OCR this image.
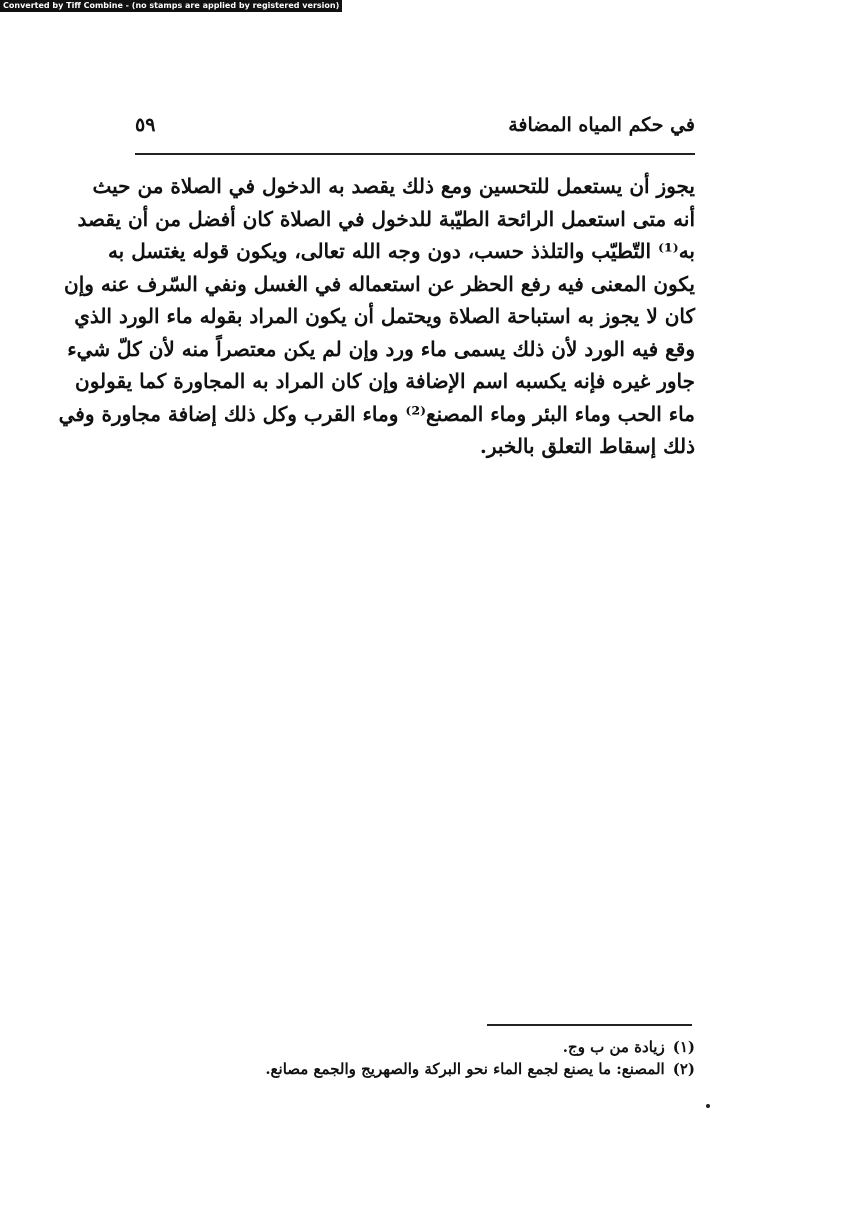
Converted by Tiff Combine - (no stamps are applied by registered version)
في حكم المياه المضافة
٥٩
يجوز أن يستعمل للتحسين ومع ذلك يقصد به الدخول في الصلاة من حيث
أنه متى استعمل الرائحة الطيّبة للدخول في الصلاة كان أفضل من أن يقصد
به⁽¹⁾ التّطيّب والتلذذ حسب، دون وجه الله تعالى، ويكون قوله يغتسل به
يكون المعنى فيه رفع الحظر عن استعماله في الغسل ونفي السّرف عنه وإن
كان لا يجوز به استباحة الصلاة ويحتمل أن يكون المراد بقوله ماء الورد الذي
وقع فيه الورد لأن ذلك يسمى ماء ورد وإن لم يكن معتصراً منه لأن كلّ شيء
جاور غيره فإنه يكسبه اسم الإضافة وإن كان المراد به المجاورة كما يقولون
ماء الحب وماء البئر وماء المصنع⁽²⁾ وماء القرب وكل ذلك إضافة مجاورة وفي
ذلك إسقاط التعلق بالخبر.
(١)زيادة من ب وج.
(٢)المصنع: ما يصنع لجمع الماء نحو البركة والصهريج والجمع مصانع.
